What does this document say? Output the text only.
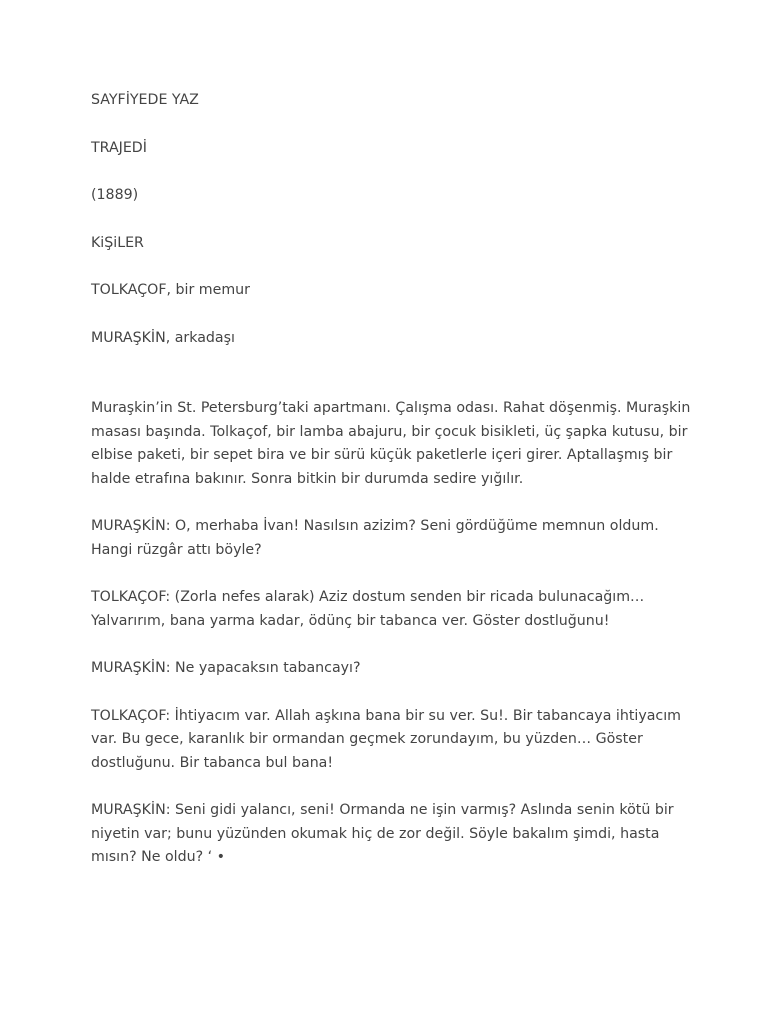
SAYFİYEDE YAZ

TRAJEDİ

(1889)

KiŞiLER

TOLKAÇOF, bir memur

MURAŞKİN, arkadaşı

Muraşkin’in St. Petersburg’taki apartmanı. Çalışma odası. Rahat döşenmiş. Muraşkin masası başında. Tolkaçof, bir lamba abajuru, bir çocuk bisikleti, üç şapka kutusu, bir elbise paketi, bir sepet bira ve bir sürü küçük paketlerle içeri girer. Aptallaşmış bir halde etrafına bakınır. Sonra bitkin bir durumda sedire yığılır.

MURAŞKİN: O, merhaba İvan! Nasılsın azizim? Seni gördüğüme memnun oldum. Hangi rüzgâr attı böyle?

TOLKAÇOF: (Zorla nefes alarak) Aziz dostum senden bir ricada bulunacağım… Yalvarırım, bana yarma kadar, ödünç bir tabanca ver. Göster dostluğunu!

MURAŞKİN: Ne yapacaksın tabancayı?

TOLKAÇOF: İhtiyacım var. Allah aşkına bana bir su ver. Su!. Bir tabancaya ihtiyacım var. Bu gece, karanlık bir ormandan geçmek zorundayım, bu yüzden… Göster dostluğunu. Bir tabanca bul bana!

MURAŞKİN: Seni gidi yalancı, seni! Ormanda ne işin varmış? Aslında senin kötü bir niyetin var; bunu yüzünden okumak hiç de zor değil. Söyle bakalım şimdi, hasta mısın? Ne oldu? ‘ •
